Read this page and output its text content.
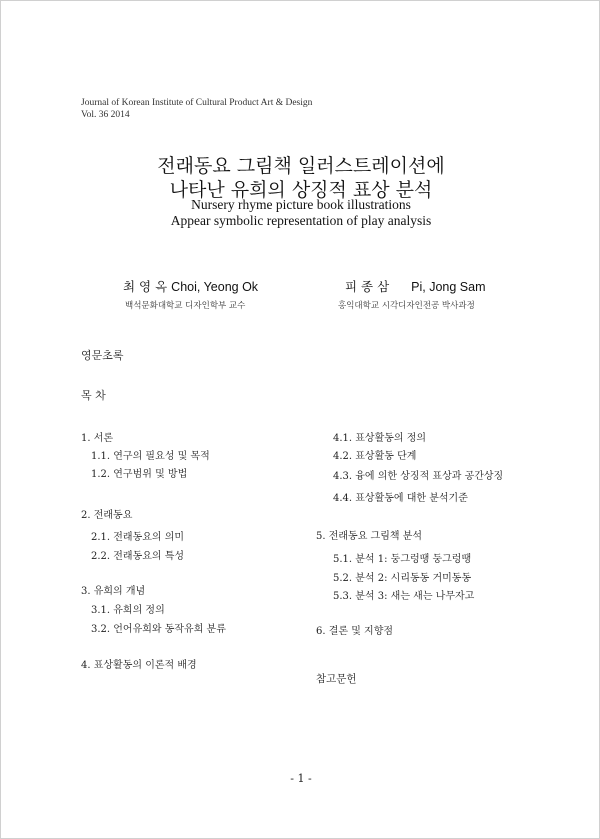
Journal of Korean Institute of Cultural Product Art & Design
Vol. 36 2014
전래동요 그림책 일러스트레이션에
나타난 유희의 상징적 표상 분석
Nursery rhyme picture book illustrations
Appear symbolic representation of play analysis
최 영 옥 Choi, Yeong Ok
백석문화대학교 디자인학부 교수
피 종 삼 Pi, Jong Sam
홍익대학교 시각디자인전공 박사과정
영문초록
목 차
1. 서론
1.1. 연구의 필요성 및 목적
1.2. 연구범위 및 방법
2. 전래동요
2.1. 전래동요의 의미
2.2. 전래동요의 특성
3. 유희의 개념
3.1. 유희의 정의
3.2. 언어유희와 동작유희 분류
4. 표상활동의 이론적 배경
4.1. 표상활동의 정의
4.2. 표상활동 단계
4.3. 융에 의한 상징적 표상과 공간상징
4.4. 표상활동에 대한 분석기준
5. 전래동요 그림책 분석
5.1. 분석 1: 둥그렁땡 둥그렁땡
5.2. 분석 2: 시리동동 거미동동
5.3. 분석 3: 새는 새는 나무자고
6. 결론 및 지향점
참고문헌
- 1 -
